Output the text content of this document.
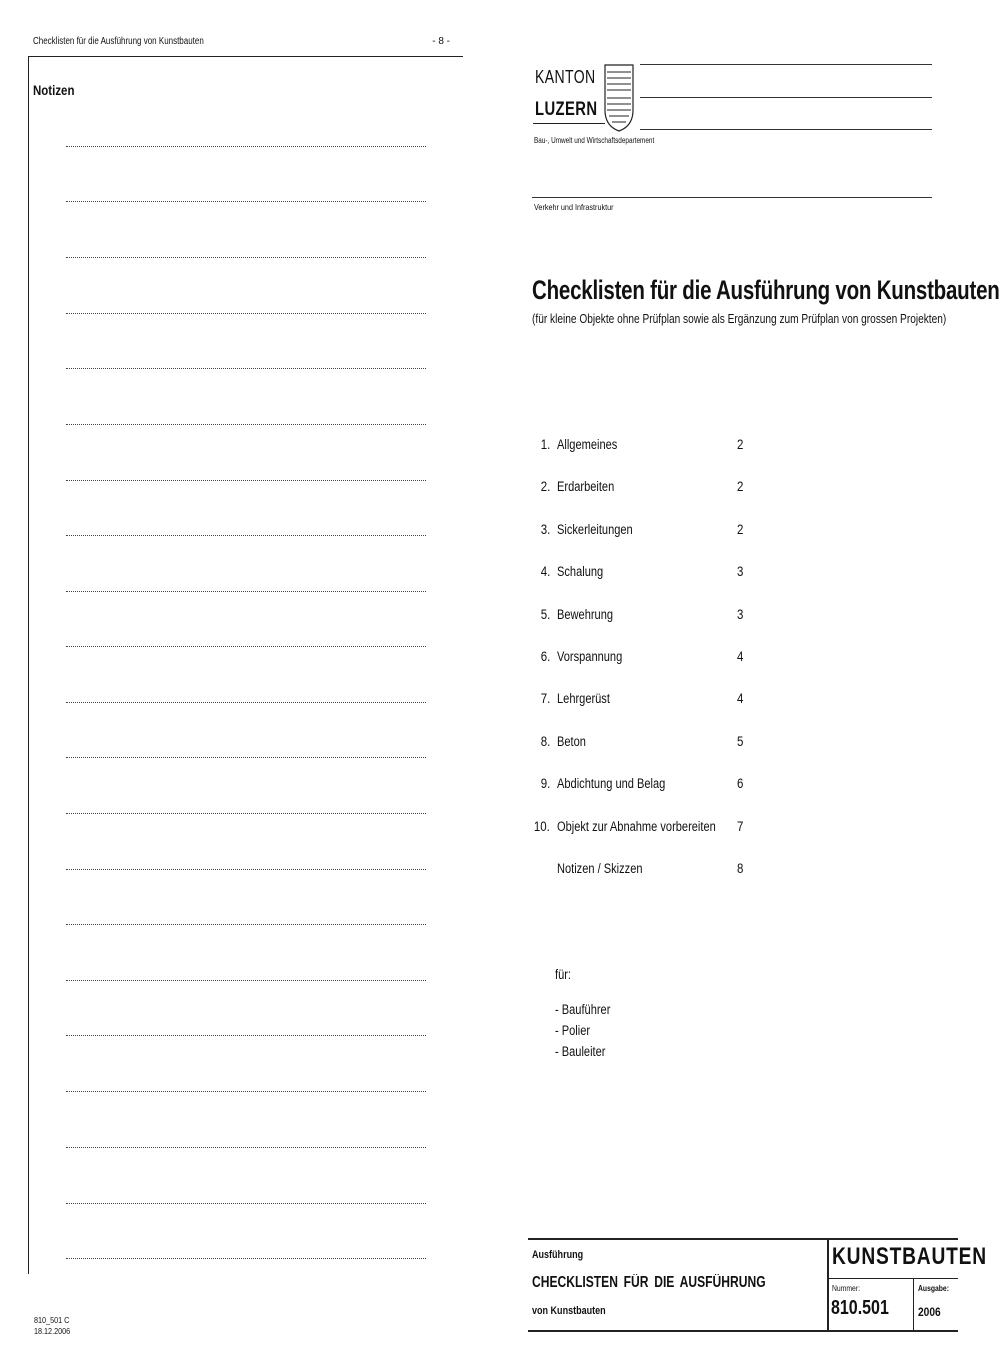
Checklisten für die Ausführung von Kunstbauten	- 8 -
Notizen
810_501 C
18.12.2006
KANTON
LUZERN
Bau-, Umwelt und Wirtschaftsdepartement
Verkehr und Infrastruktur
Checklisten für die Ausführung von Kunstbauten
(für kleine Objekte ohne Prüfplan sowie als Ergänzung zum Prüfplan von grossen Projekten)
1. Allgemeines	2
2. Erdarbeiten	2
3. Sickerleitungen	2
4. Schalung	3
5. Bewehrung	3
6. Vorspannung	4
7. Lehrgerüst	4
8. Beton	5
9. Abdichtung und Belag	6
10. Objekt zur Abnahme vorbereiten 7
Notizen / Skizzen	8
für:
- Bauführer
- Polier
- Bauleiter
Ausführung
CHECKLISTEN FÜR DIE AUSFÜHRUNG
von Kunstbauten
KUNSTBAUTEN
Nummer:
810.501
Ausgabe:
2006
